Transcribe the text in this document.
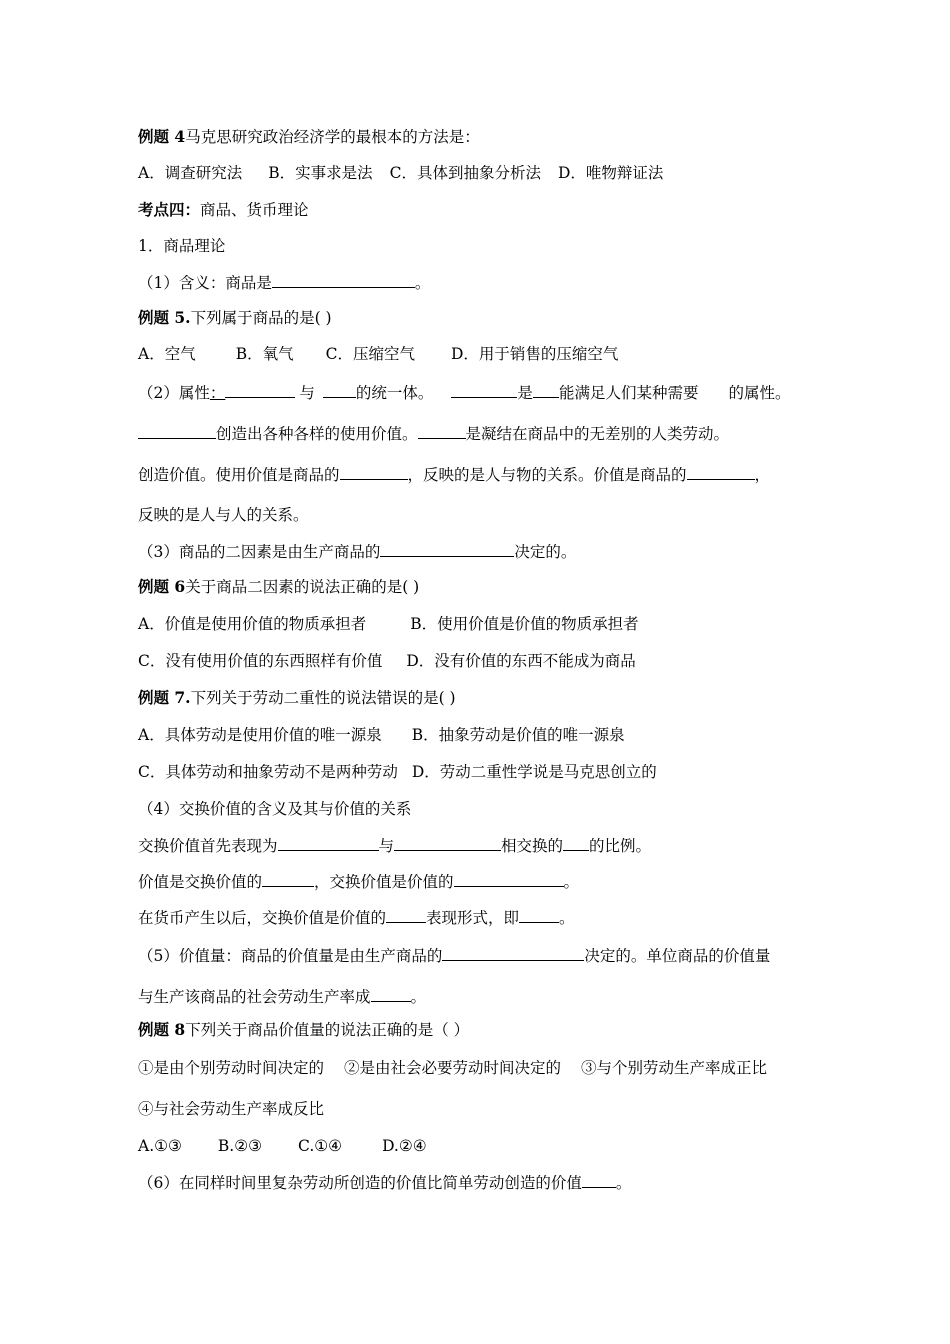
例题 4马克思研究政治经济学的最根本的方法是：
A．调查研究法 B．实事求是法 C．具体到抽象分析法 D．唯物辩证法
考点四：商品、货币理论
1．商品理论
（1）含义：商品是	。
例题 5.下列属于商品的是( )
A．空气	B．氧气 C．压缩空气 D．用于销售的压缩空气
（2）属性：	与	的统一体。	是 能满足人们某种需要 的属性。
创造出各种各样的使用价值。	是凝结在商品中的无差别的人类劳动。
创造价值。使用价值是商品的	，反映的是人与物的关系。价值是商品的	，
反映的是人与人的关系。
（3）商品的二因素是由生产商品的	决定的。
例题 6关于商品二因素的说法正确的是( )
A．价值是使用价值的物质承担者	B．使用价值是价值的物质承担者
C．没有使用价值的东西照样有价值 D．没有价值的东西不能成为商品
例题 7.下列关于劳动二重性的说法错误的是( )
A．具体劳动是使用价值的唯一源泉 B．抽象劳动是价值的唯一源泉
C．具体劳动和抽象劳动不是两种劳动 D．劳动二重性学说是马克思创立的
（4）交换价值的含义及其与价值的关系
交换价值首先表现为	与	相交换的 的比例。
价值是交换价值的	，交换价值是价值的	。
在货币产生以后，交换价值是价值的	表现形式，即	。
（5）价值量：商品的价值量是由生产商品的	决定的。单位商品的价值量
与生产该商品的社会劳动生产率成	。
例题 8下列关于商品价值量的说法正确的是（ ）
①是由个别劳动时间决定的 ②是由社会必要劳动时间决定的 ③与个别劳动生产率成正比
④与社会劳动生产率成反比
A.①③ B.②③ C.①④	D.②④
（6）在同样时间里复杂劳动所创造的价值比简单劳动创造的价值 。
